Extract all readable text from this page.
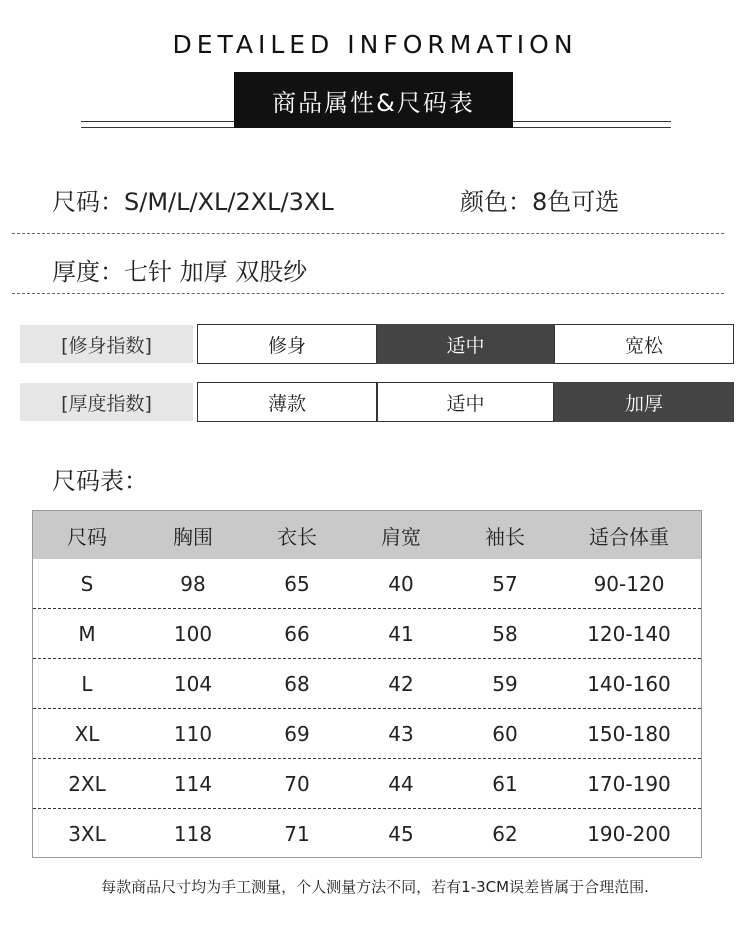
DETAILED INFORMATION
商品属性&尺码表
尺码：S/M/L/XL/2XL/3XL	颜色：8色可选
厚度：七针 加厚 双股纱
[修身指数]	修身	适中	宽松
[厚度指数]	薄款	适中	加厚
尺码表：
尺码	胸围	衣长	肩宽	袖长	适合体重
S	98	65	40	57	90-120
M	100	66	41	58	120-140
L	104	68	42	59	140-160
XL	110	69	43	60	150-180
2XL	114	70	44	61	170-190
3XL	118	71	45	62	190-200
每款商品尺寸均为手工测量，个人测量方法不同，若有1-3CM误差皆属于合理范围.
